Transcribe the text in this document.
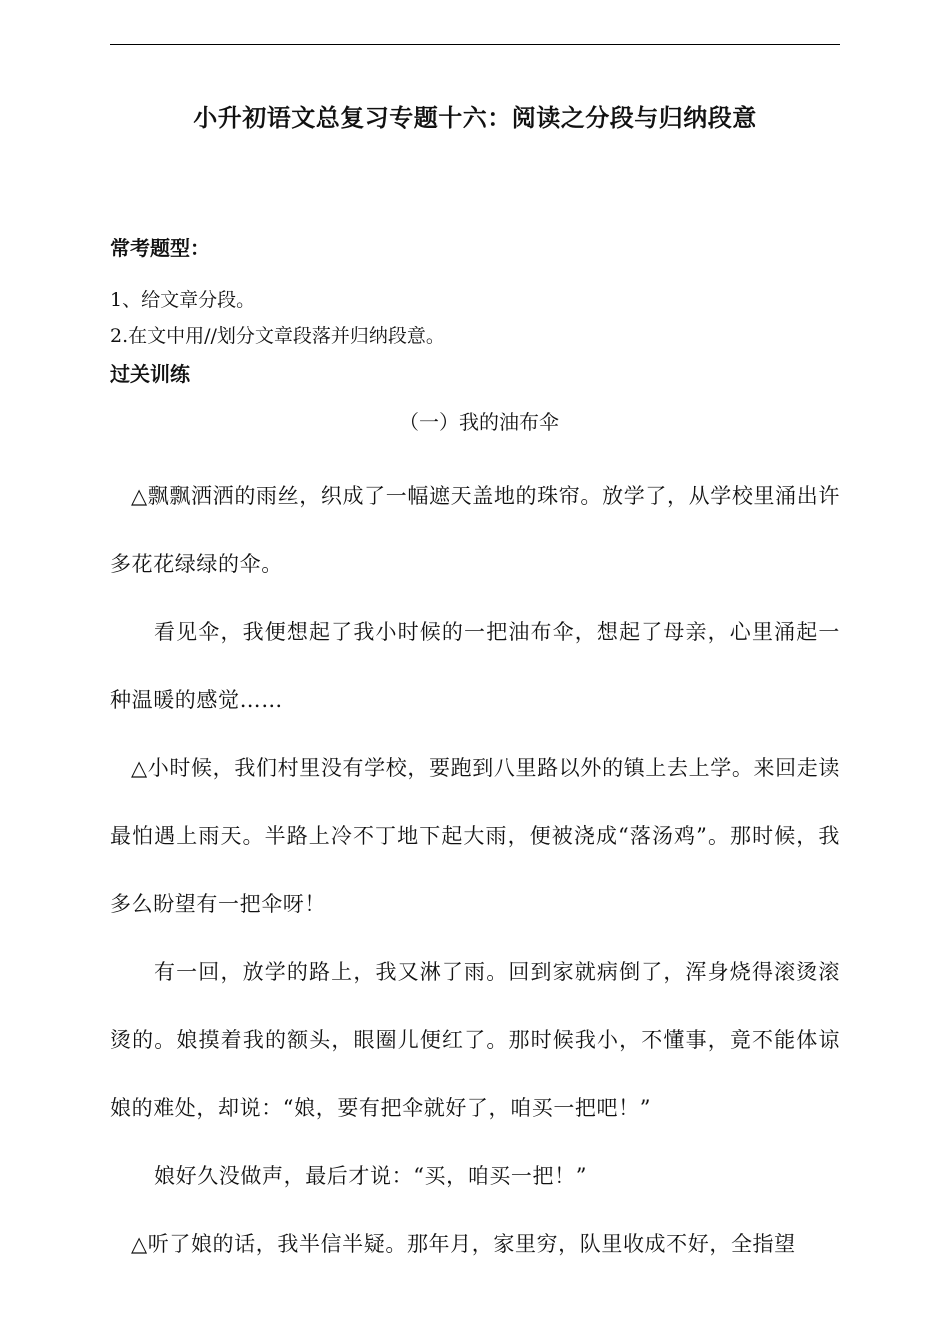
小升初语文总复习专题十六：阅读之分段与归纳段意
常考题型：
1、给文章分段。
2.在文中用//划分文章段落并归纳段意。
过关训练
（一）我的油布伞

△飘飘洒洒的雨丝，织成了一幅遮天盖地的珠帘。放学了，从学校里涌出许多花花绿绿的伞。

看见伞，我便想起了我小时候的一把油布伞，想起了母亲，心里涌起一种温暖的感觉……

△小时候，我们村里没有学校，要跑到八里路以外的镇上去上学。来回走读最怕遇上雨天。半路上冷不丁地下起大雨，便被浇成“落汤鸡”。那时候，我多么盼望有一把伞呀！

有一回，放学的路上，我又淋了雨。回到家就病倒了，浑身烧得滚烫滚烫的。娘摸着我的额头，眼圈儿便红了。那时候我小，不懂事，竟不能体谅娘的难处，却说：“娘，要有把伞就好了，咱买一把吧！”

娘好久没做声，最后才说：“买，咱买一把！”

△听了娘的话，我半信半疑。那年月，家里穷，队里收成不好，全指望
